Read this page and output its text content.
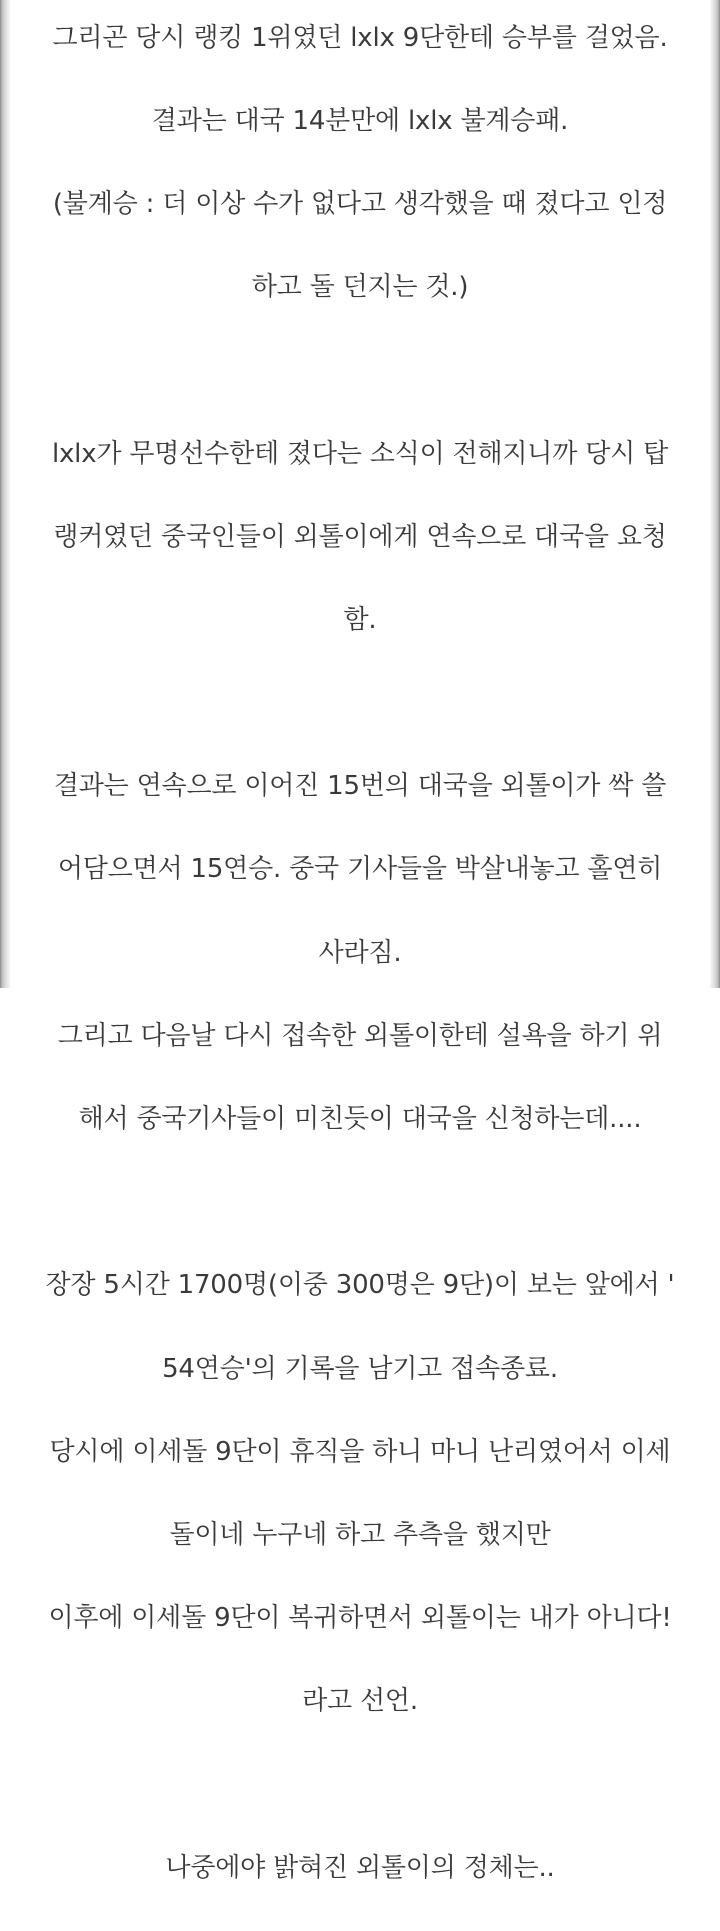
그리곤 당시 랭킹 1위였던 lxlx 9단한테 승부를 걸었음.

결과는 대국 14분만에 lxlx 불계승패.

(불계승 : 더 이상 수가 없다고 생각했을 때 졌다고 인정

하고 돌 던지는 것.)

lxlx가 무명선수한테 졌다는 소식이 전해지니까 당시 탑

랭커였던 중국인들이 외톨이에게 연속으로 대국을 요청

함.

결과는 연속으로 이어진 15번의 대국을 외톨이가 싹 쓸

어담으면서 15연승. 중국 기사들을 박살내놓고 홀연히

사라짐.

그리고 다음날 다시 접속한 외톨이한테 설욕을 하기 위

해서 중국기사들이 미친듯이 대국을 신청하는데....

장장 5시간 1700명(이중 300명은 9단)이 보는 앞에서 '

54연승'의 기록을 남기고 접속종료.

당시에 이세돌 9단이 휴직을 하니 마니 난리였어서 이세

돌이네 누구네 하고 추측을 했지만

이후에 이세돌 9단이 복귀하면서 외톨이는 내가 아니다!

라고 선언.

나중에야 밝혀진 외톨이의 정체는..
